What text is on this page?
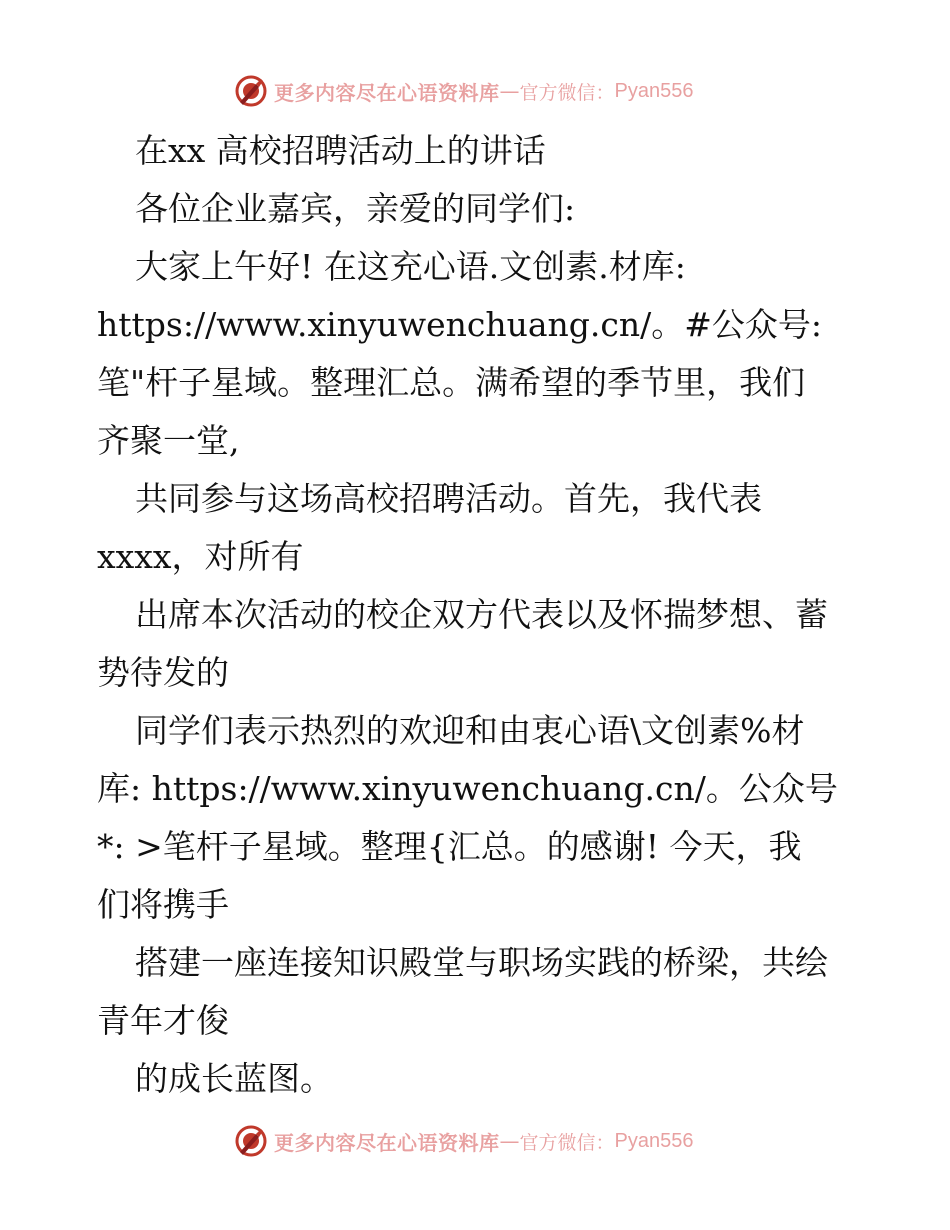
更多内容尽在心语资料库 — 官方微信： Pyan556
在xx 高校招聘活动上的讲话
各位企业嘉宾，亲爱的同学们:
大家上午好! 在这充心语.文创素.材库:
https://www.xinyuwenchuang.cn/。#公众号:
笔"杆子星域。整理汇总。满希望的季节里，我们
齐聚一堂,
共同参与这场高校招聘活动。首先，我代表
xxxx，对所有
出席本次活动的校企双方代表以及怀揣梦想、蓄
势待发的
同学们表示热烈的欢迎和由衷心语\文创素%材
库: https://www.xinyuwenchuang.cn/。公众号
*: >笔杆子星域。整理{汇总。的感谢! 今天，我
们将携手
搭建一座连接知识殿堂与职场实践的桥梁，共绘
青年才俊
的成长蓝图。
更多内容尽在心语资料库 — 官方微信： Pyan556
